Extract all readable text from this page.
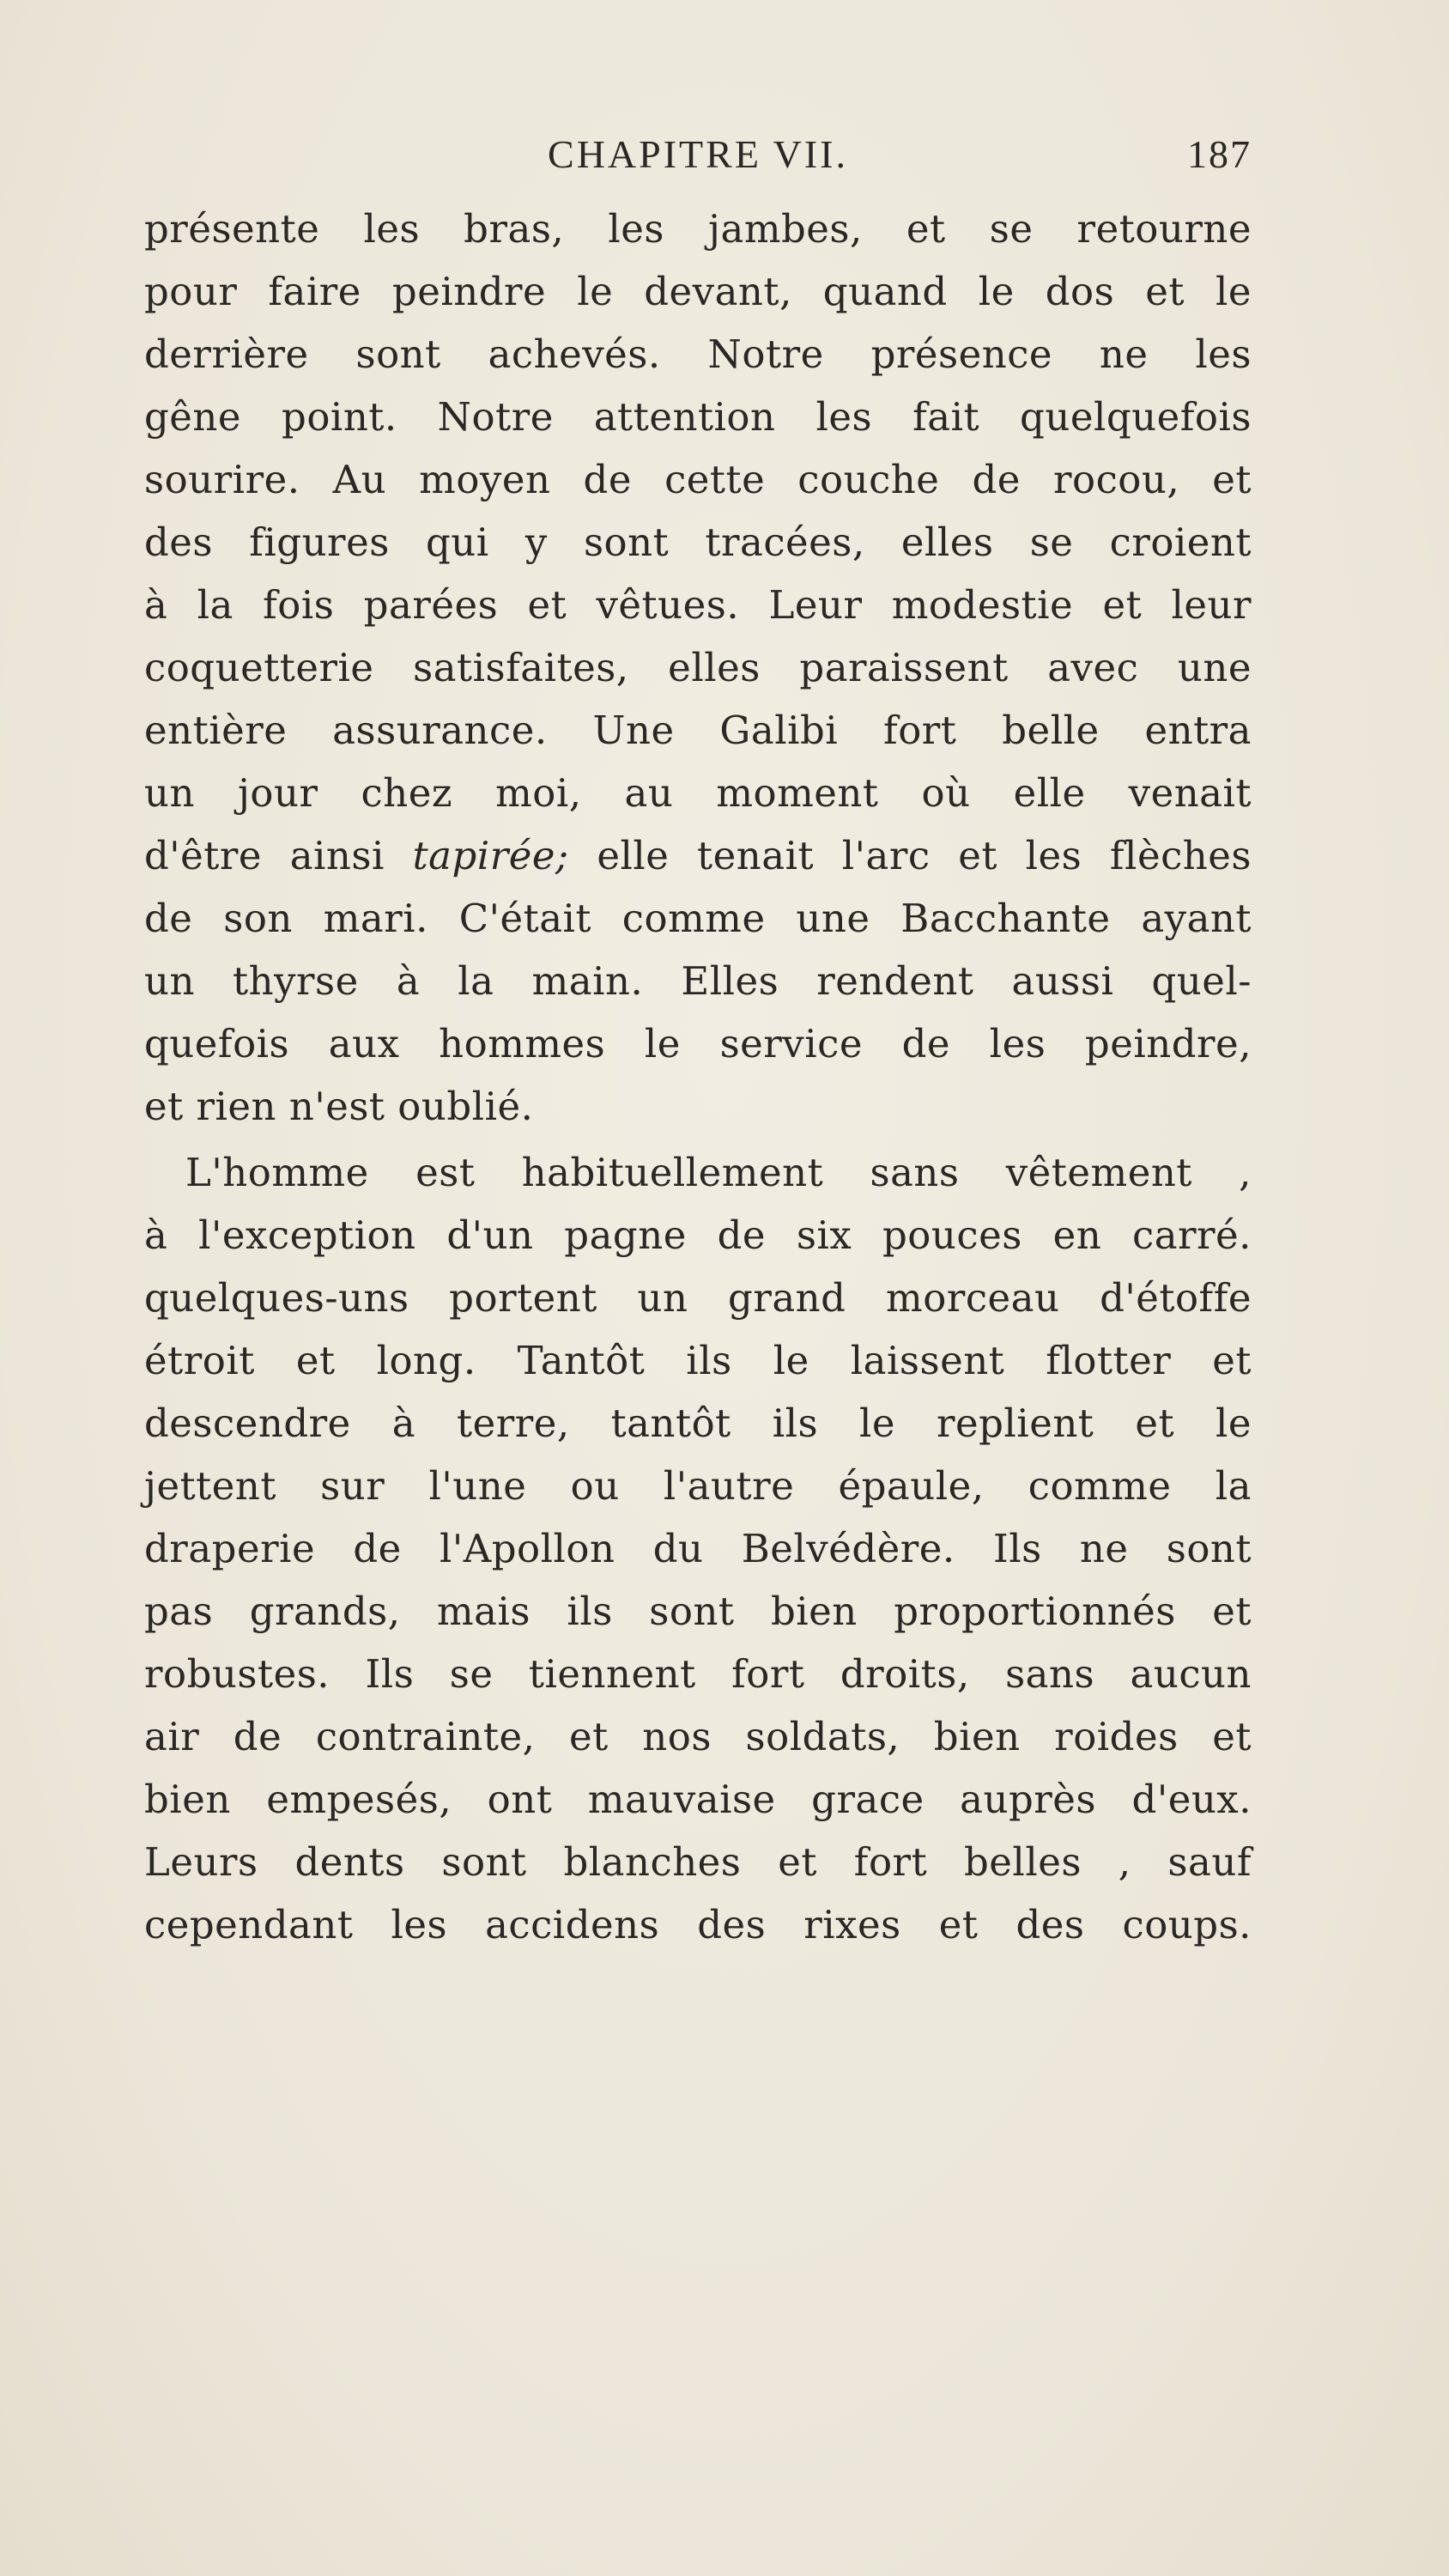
CHAPITRE VII.	187
présente les bras, les jambes, et se retourne
pour faire peindre le devant, quand le dos et le
derrière sont achevés. Notre présence ne les
gêne point. Notre attention les fait quelquefois
sourire. Au moyen de cette couche de rocou, et
des figures qui y sont tracées, elles se croient
à la fois parées et vêtues. Leur modestie et leur
coquetterie satisfaites, elles paraissent avec une
entière assurance. Une Galibi fort belle entra
un jour chez moi, au moment où elle venait
d'être ainsi tapirée; elle tenait l'arc et les flèches
de son mari. C'était comme une Bacchante ayant
un thyrse à la main. Elles rendent aussi quel-
quefois aux hommes le service de les peindre,
et rien n'est oublié.
L'homme est habituellement sans vêtement ,
à l'exception d'un pagne de six pouces en carré.
quelques-uns portent un grand morceau d'étoffe
étroit et long. Tantôt ils le laissent flotter et
descendre à terre, tantôt ils le replient et le
jettent sur l'une ou l'autre épaule, comme la
draperie de l'Apollon du Belvédère. Ils ne sont
pas grands, mais ils sont bien proportionnés et
robustes. Ils se tiennent fort droits, sans aucun
air de contrainte, et nos soldats, bien roides et
bien empesés, ont mauvaise grace auprès d'eux.
Leurs dents sont blanches et fort belles , sauf
cependant les accidens des rixes et des coups.
